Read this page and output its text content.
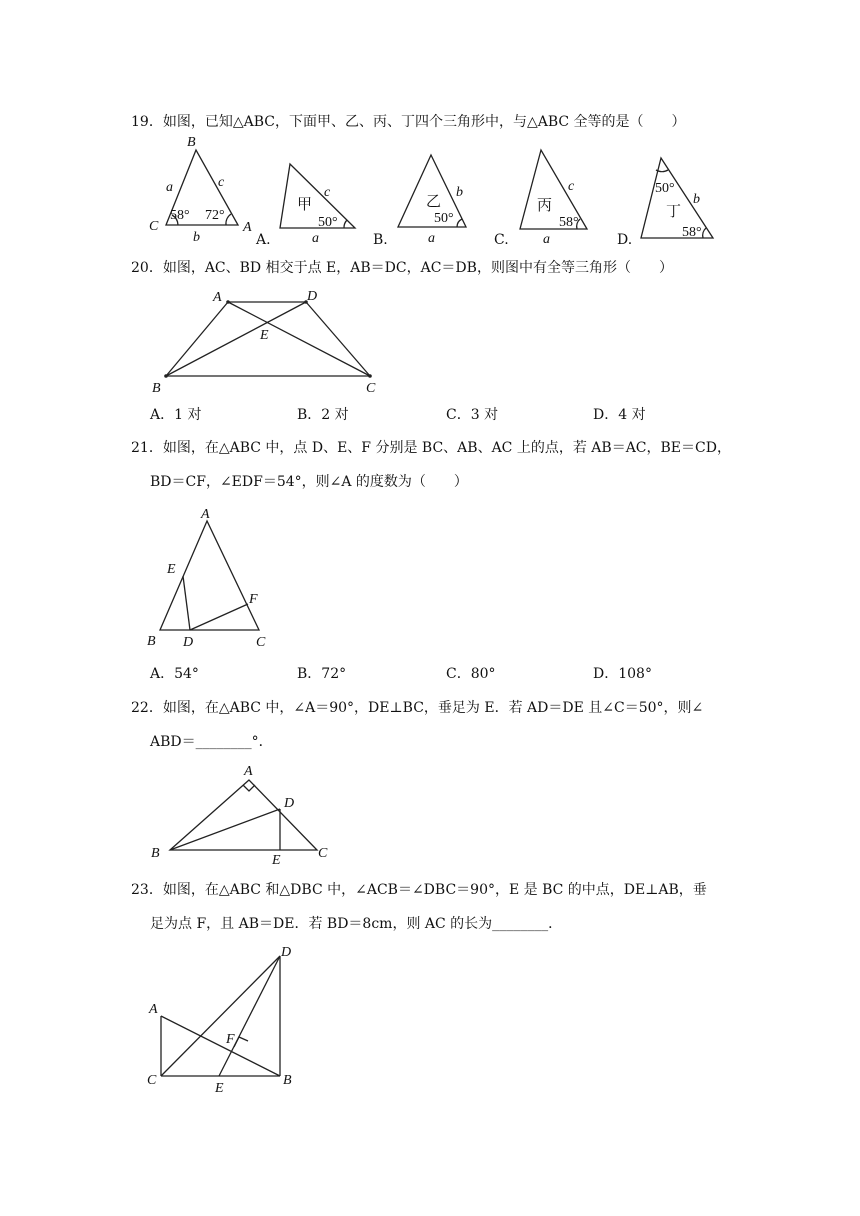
19．如图，已知△ABC，下面甲、乙、丙、丁四个三角形中，与△ABC 全等的是（　　）
B
C	A
a	c
b
58° 72°
甲
c
a
50°
乙 b
a
50°
丙
c
a
58°
丁
b
50°
58°
A.	B.	C.	D.
20．如图，AC、BD 相交于点 E，AB＝DC，AC＝DB，则图中有全等三角形（　　）
A	D
E
B	C
A．1 对	B．2 对	C．3 对	D．4 对
21．如图，在△ABC 中，点 D、E、F 分别是 BC、AB、AC 上的点，若 AB＝AC，BE＝CD，
BD＝CF，∠EDF＝54°，则∠A 的度数为（　　）
A
E
F
B D	C
A．54°	B．72°	C．80°	D．108°
22．如图，在△ABC 中，∠A＝90°，DE⊥BC，垂足为 E．若 AD＝DE 且∠C＝50°，则∠
ABD＝________°．
A
D
B	E	C
23．如图，在△ABC 和△DBC 中，∠ACB＝∠DBC＝90°，E 是 BC 的中点，DE⊥AB，垂
足为点 F，且 AB＝DE．若 BD＝8cm，则 AC 的长为________．
D
A
F
C
E
B
